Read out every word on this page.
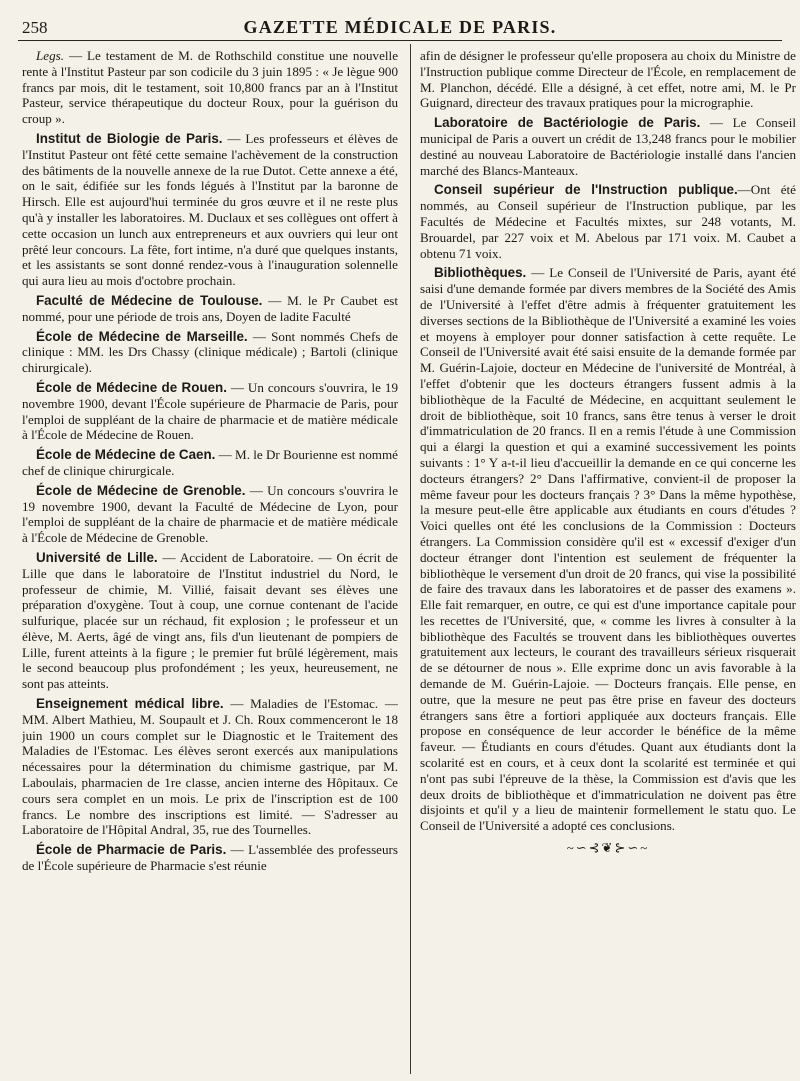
258	GAZETTE MÉDICALE DE PARIS.

Legs. — Le testament de M. de Rothschild constitue une nouvelle rente à l'Institut Pasteur par son codicile du 3 juin 1895 : « Je lègue 900 francs par mois, dit le testament, soit 10,800 francs par an à l'Institut Pasteur, service thérapeutique du docteur Roux, pour la guérison du croup ».

Institut de Biologie de Paris. — Les professeurs et élèves de l'Institut Pasteur ont fêté cette semaine l'achèvement de la construction des bâtiments de la nouvelle annexe de la rue Dutot. Cette annexe a été, on le sait, édifiée sur les fonds légués à l'Institut par la baronne de Hirsch. Elle est aujourd'hui terminée du gros œuvre et il ne reste plus qu'à y installer les laboratoires. M. Duclaux et ses collègues ont offert à cette occasion un lunch aux entrepreneurs et aux ouvriers qui leur ont prêté leur concours. La fête, fort intime, n'a duré que quelques instants, et les assistants se sont donné rendez-vous à l'inauguration solennelle qui aura lieu au mois d'octobre prochain.

Faculté de Médecine de Toulouse. — M. le Pr Caubet est nommé, pour une période de trois ans, Doyen de ladite Faculté

École de Médecine de Marseille. — Sont nommés Chefs de clinique : MM. les Drs Chassy (clinique médicale) ; Bartoli (clinique chirurgicale).

École de Médecine de Rouen. — Un concours s'ouvrira, le 19 novembre 1900, devant l'École supérieure de Pharmacie de Paris, pour l'emploi de suppléant de la chaire de pharmacie et de matière médicale à l'École de Médecine de Rouen.

École de Médecine de Caen. — M. le Dr Bourienne est nommé chef de clinique chirurgicale.

École de Médecine de Grenoble. — Un concours s'ouvrira le 19 novembre 1900, devant la Faculté de Médecine de Lyon, pour l'emploi de suppléant de la chaire de pharmacie et de matière médicale à l'École de Médecine de Grenoble.

Université de Lille. — Accident de Laboratoire. — On écrit de Lille que dans le laboratoire de l'Institut industriel du Nord, le professeur de chimie, M. Villié, faisait devant ses élèves une préparation d'oxygène. Tout à coup, une cornue contenant de l'acide sulfurique, placée sur un réchaud, fit explosion ; le professeur et un élève, M. Aerts, âgé de vingt ans, fils d'un lieutenant de pompiers de Lille, furent atteints à la figure ; le premier fut brûlé légèrement, mais le second beaucoup plus profondément ; les yeux, heureusement, ne sont pas atteints.

Enseignement médical libre. — Maladies de l'Estomac. — MM. Albert Mathieu, M. Soupault et J. Ch. Roux commenceront le 18 juin 1900 un cours complet sur le Diagnostic et le Traitement des Maladies de l'Estomac. Les élèves seront exercés aux manipulations nécessaires pour la détermination du chimisme gastrique, par M. Laboulais, pharmacien de 1re classe, ancien interne des Hôpitaux. Ce cours sera complet en un mois. Le prix de l'inscription est de 100 francs. Le nombre des inscriptions est limité. — S'adresser au Laboratoire de l'Hôpital Andral, 35, rue des Tournelles.

École de Pharmacie de Paris. — L'assemblée des professeurs de l'École supérieure de Pharmacie s'est réunie

afin de désigner le professeur qu'elle proposera au choix du Ministre de l'Instruction publique comme Directeur de l'École, en remplacement de M. Planchon, décédé. Elle a désigné, à cet effet, notre ami, M. le Pr Guignard, directeur des travaux pratiques pour la micrographie.

Laboratoire de Bactériologie de Paris. — Le Conseil municipal de Paris a ouvert un crédit de 13,248 francs pour le mobilier destiné au nouveau Laboratoire de Bactériologie installé dans l'ancien marché des Blancs-Manteaux.

Conseil supérieur de l'Instruction publique.—Ont été nommés, au Conseil supérieur de l'Instruction publique, par les Facultés de Médecine et Facultés mixtes, sur 248 votants, M. Brouardel, par 227 voix et M. Abelous par 171 voix. M. Caubet a obtenu 71 voix.

Bibliothèques. — Le Conseil de l'Université de Paris, ayant été saisi d'une demande formée par divers membres de la Société des Amis de l'Université à l'effet d'être admis à fréquenter gratuitement les diverses sections de la Bibliothèque de l'Université a examiné les voies et moyens à employer pour donner satisfaction à cette requête. Le Conseil de l'Université avait été saisi ensuite de la demande formée par M. Guérin-Lajoie, docteur en Médecine de l'université de Montréal, à l'effet d'obtenir que les docteurs étrangers fussent admis à la bibliothèque de la Faculté de Médecine, en acquittant seulement le droit de bibliothèque, soit 10 francs, sans être tenus à verser le droit d'immatriculation de 20 francs. Il en a remis l'étude à une Commission qui a élargi la question et qui a examiné successivement les points suivants : 1° Y a-t-il lieu d'accueillir la demande en ce qui concerne les docteurs étrangers? 2° Dans l'affirmative, convient-il de proposer la même faveur pour les docteurs français ? 3° Dans la même hypothèse, la mesure peut-elle être applicable aux étudiants en cours d'études ? Voici quelles ont été les conclusions de la Commission : Docteurs étrangers. La Commission considère qu'il est « excessif d'exiger d'un docteur étranger dont l'intention est seulement de fréquenter la bibliothèque le versement d'un droit de 20 francs, qui vise la possibilité de faire des travaux dans les laboratoires et de passer des examens ». Elle fait remarquer, en outre, ce qui est d'une importance capitale pour les recettes de l'Université, que, « comme les livres à consulter à la bibliothèque des Facultés se trouvent dans les bibliothèques ouvertes gratuitement aux lecteurs, le courant des travailleurs sérieux risquerait de se détourner de nous ». Elle exprime donc un avis favorable à la demande de M. Guérin-Lajoie. — Docteurs français. Elle pense, en outre, que la mesure ne peut pas être prise en faveur des docteurs étrangers sans être a fortiori appliquée aux docteurs français. Elle propose en conséquence de leur accorder le bénéfice de la même faveur. — Étudiants en cours d'études. Quant aux étudiants dont la scolarité est en cours, et à ceux dont la scolarité est terminée et qui n'ont pas subi l'épreuve de la thèse, la Commission est d'avis que les deux droits de bibliothèque et d'immatriculation ne doivent pas être disjoints et qu'il y a lieu de maintenir formellement le statu quo. Le Conseil de l'Université a adopté ces conclusions.

~∽⊰❦⊱∽~
